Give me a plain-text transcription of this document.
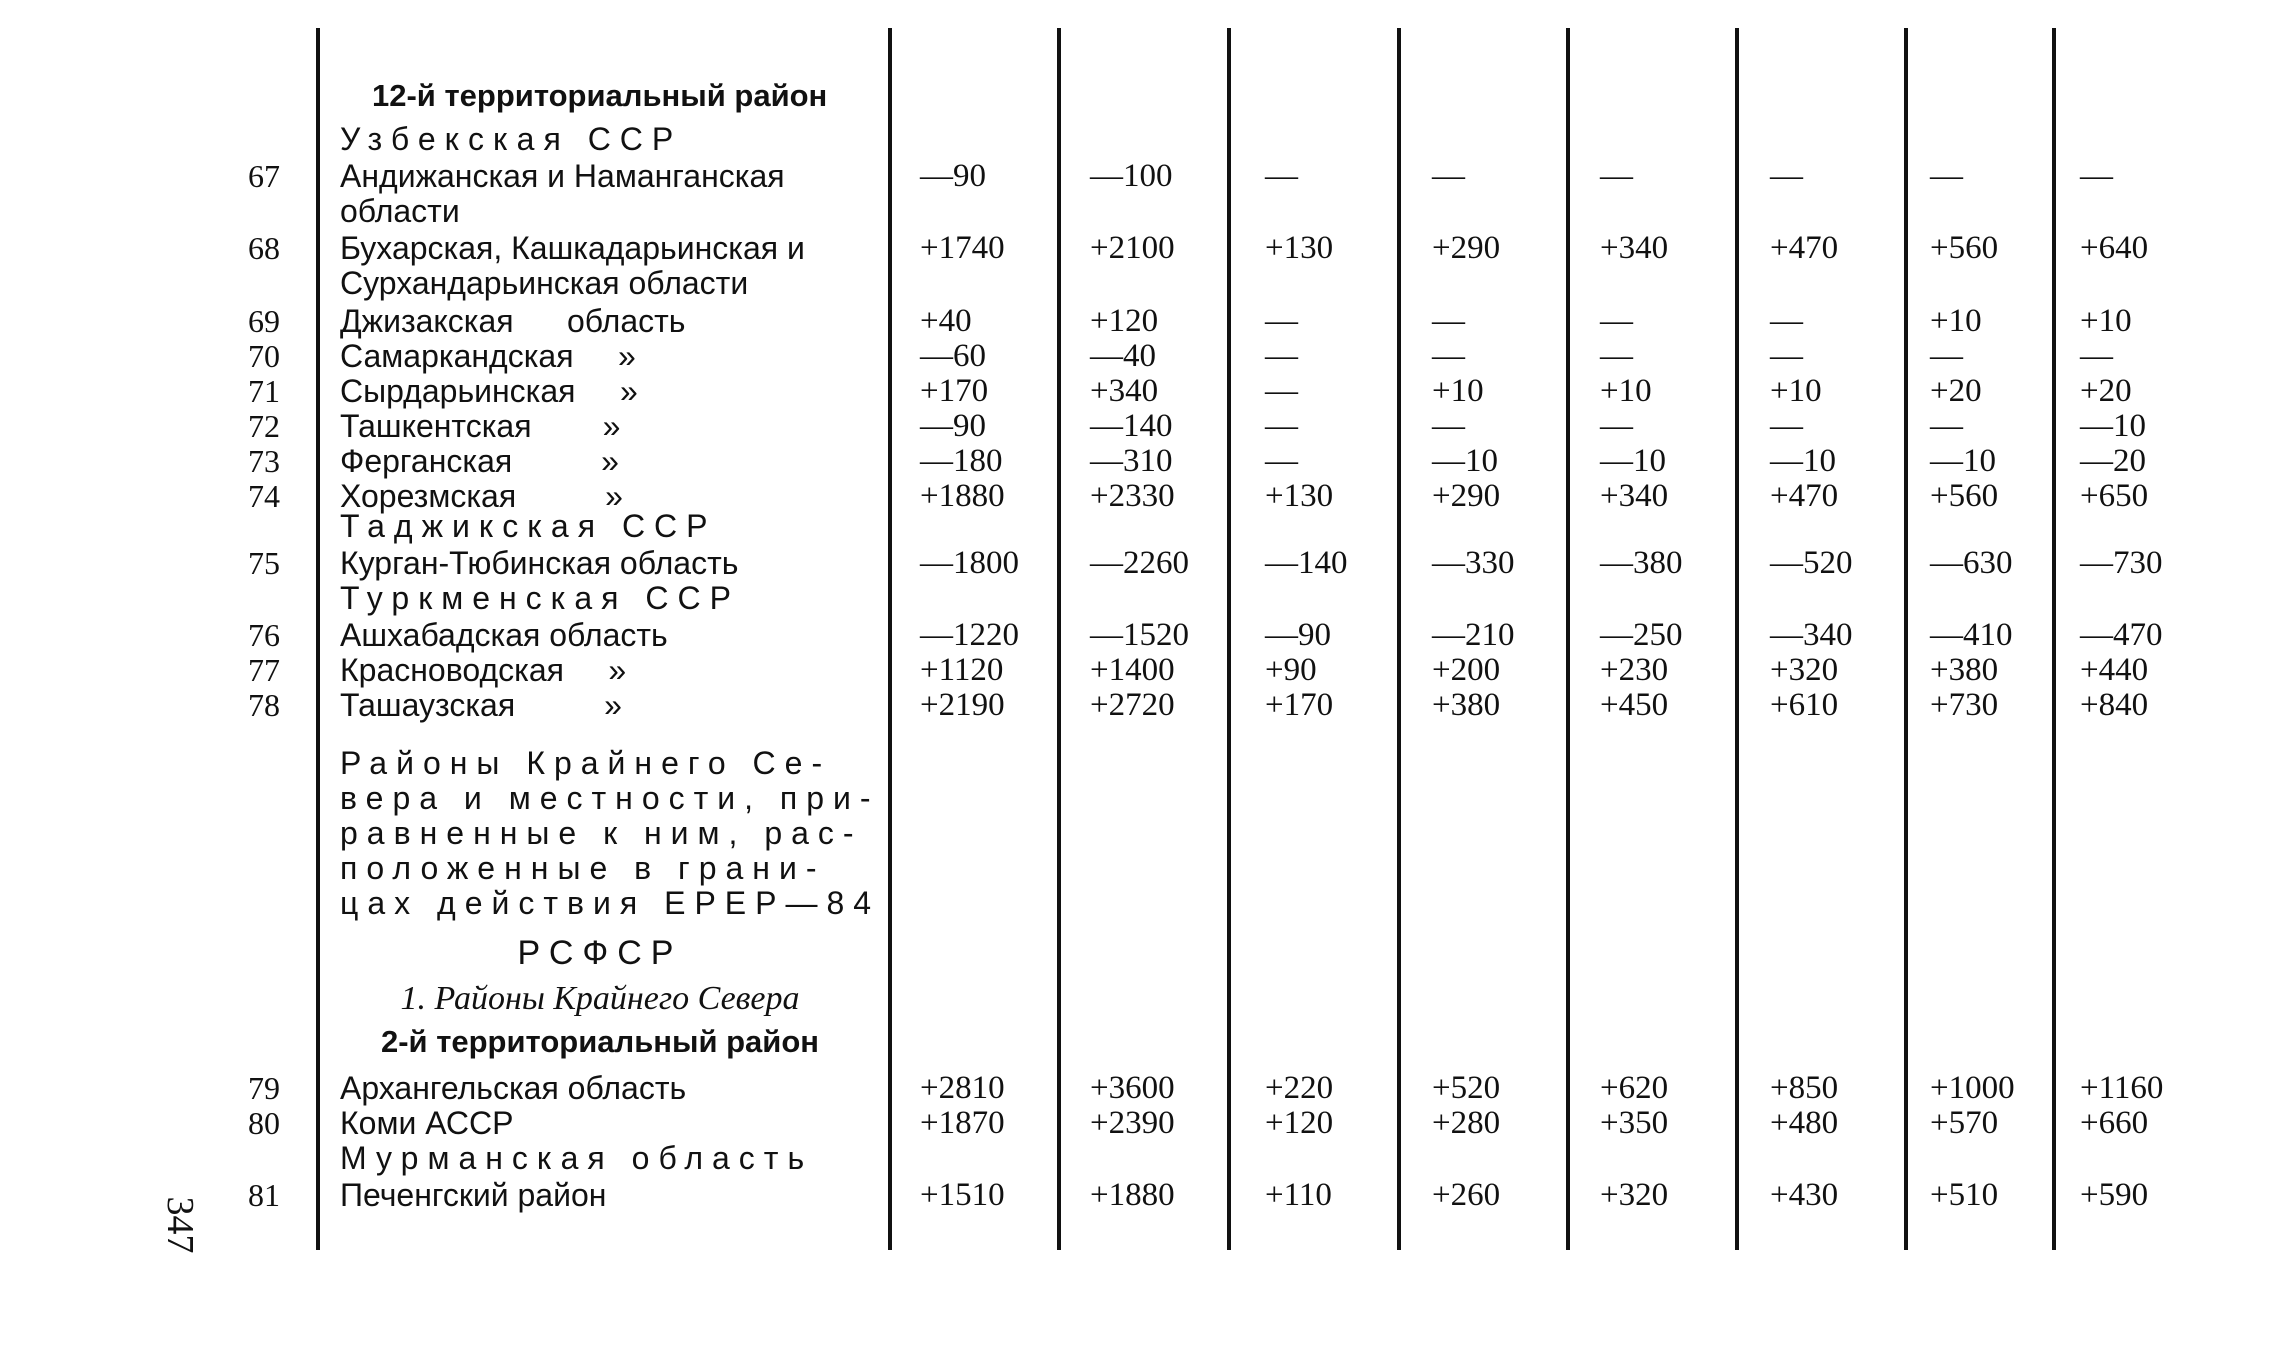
12-й территориальный район
Узбекская ССР
Таджикская ССР
Туркменская ССР
Районы Крайнего Се-
вера и местности, при-
равненные к ним, рас-
положенные в грани-
цах действия ЕРЕР—84
РСФСР
1. Районы Крайнего Севера
2-й территориальный район
Мурманская область
67 Андижанская и Наманганская
области
—90	—100	—	—	—	—	—	—
68 Бухарская, Кашкадарьинская и
Сурхандарьинская области
+1740	+2100	+130	+290	+340	+470	+560 +640
69 Джизакская      область	+40	+120	—	—	—	—	+10	+10
70 Самаркандская     »	—60	—40	—	—	—	—	—	—
71 Сырдарьинская     »	+170	+340	—	+10	+10	+10	+20	+20
72 Ташкентская        »	—90	—140	—	—	—	—	—	—10
73 Ферганская          »	—180	—310	—	—10	—10	—10	—10	—20
74 Хорезмская          »	+1880	+2330	+130	+290	+340	+470	+560 +650
75 Курган-Тюбинская область	—1800 —2260 —140	—330	—380	—520 —630 —730
76 Ашхабадская область	—1220 —1520 —90	—210	—250	—340 —410 —470
77 Красноводская     »	+1120	+1400	+90	+200	+230	+320	+380 +440
78 Ташаузская          »	+2190	+2720	+170	+380	+450	+610	+730 +840
79 Архангельская область	+2810	+3600	+220	+520	+620	+850	+1000 +1160
80 Коми АССР	+1870	+2390	+120	+280	+350	+480	+570 +660
81 Печенгский район	+1510	+1880	+110	+260	+320	+430	+510 +590
347
